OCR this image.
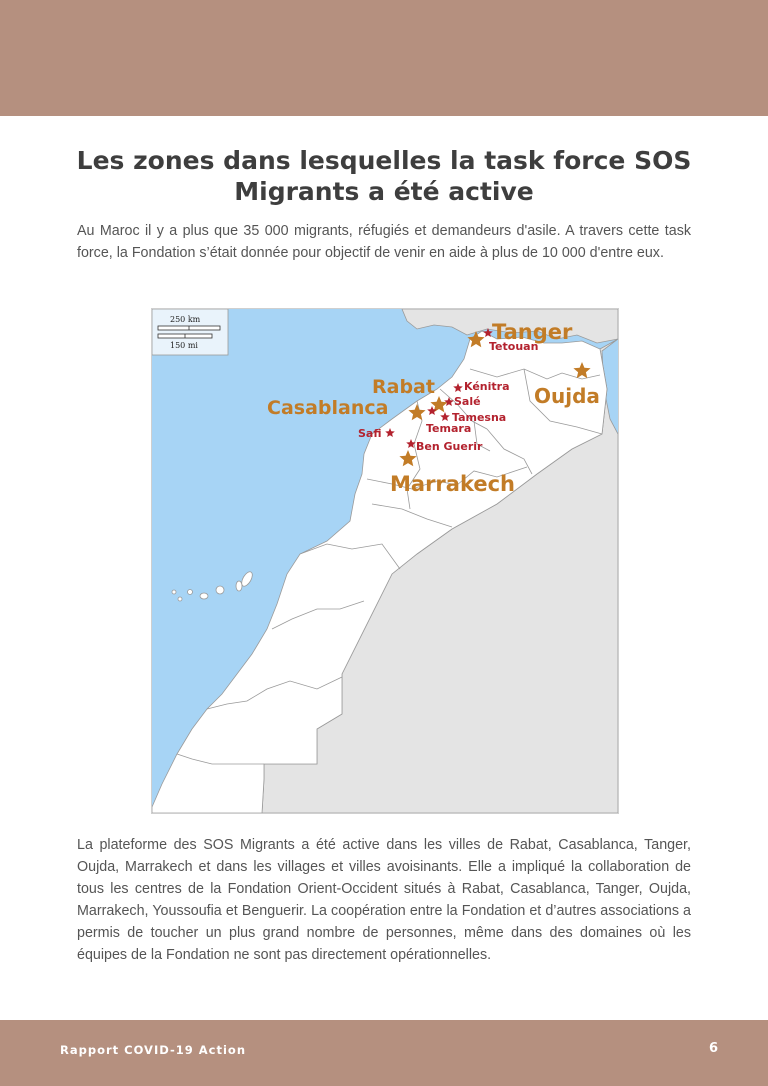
Les zones dans lesquelles la task force SOS Migrants a été active

Au Maroc il y a plus que 35 000 migrants, réfugiés et demandeurs d'asile. A travers cette task force, la Fondation s’était donnée pour objectif de venir en aide à plus de 10 000 d'entre eux.

250 km
150 mi
Tanger
Rabat
Casablanca	Oujda
Marrakech
Tetouan
Kénitra
Salé
Tamesna
Temara
Safi
Ben Guerir

La plateforme des SOS Migrants a été active dans les villes de Rabat, Casablanca, Tanger, Oujda, Marrakech et dans les villages et villes avoisinants. Elle a impliqué la collaboration de tous les centres de la Fondation Orient-Occident situés à Rabat, Casablanca, Tanger, Oujda, Marrakech, Youssoufia et Benguerir. La coopération entre la Fondation et d’autres associations a permis de toucher un plus grand nombre de personnes, même dans des domaines où les équipes de la Fondation ne sont pas directement opérationnelles.

Rapport COVID-19 Action	6
